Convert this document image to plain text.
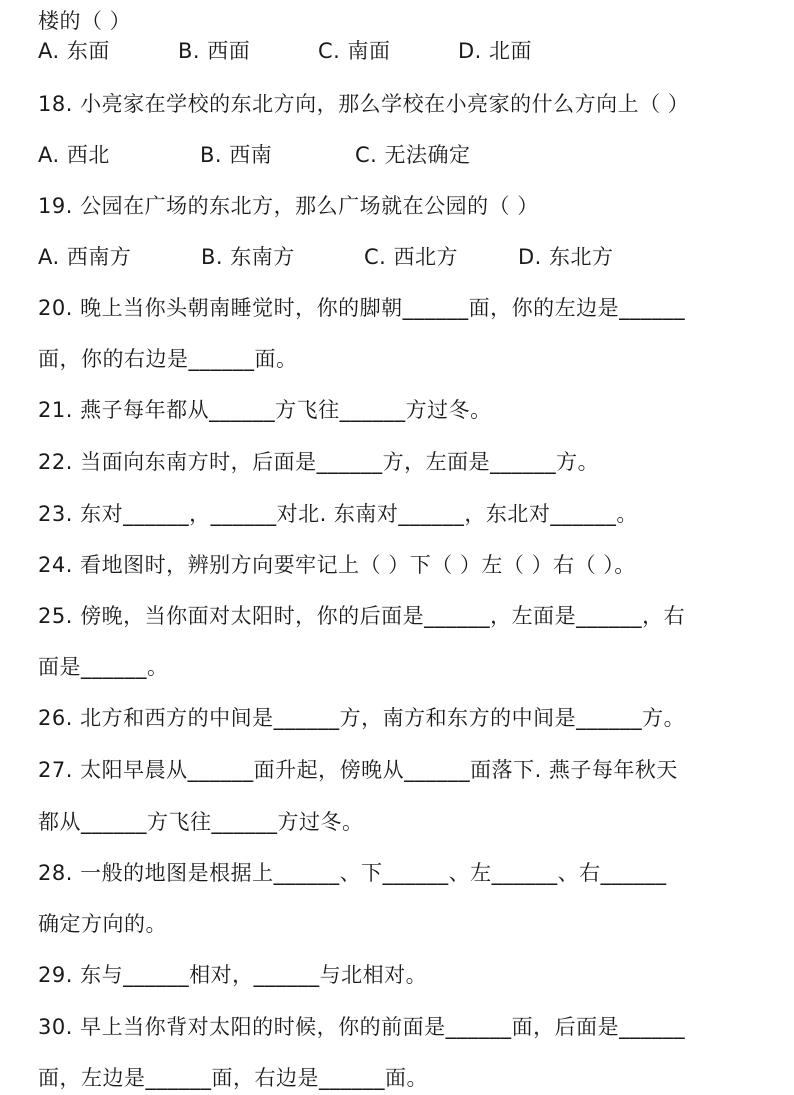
楼的（ ）
A. 东面	B. 西面	C. 南面	D. 北面
18. 小亮家在学校的东北方向，那么学校在小亮家的什么方向上（ ）
A. 西北	B. 西南	C. 无法确定
19. 公园在广场的东北方，那么广场就在公园的（ ）
A. 西南方	B. 东南方	C. 西北方	D. 东北方
20. 晚上当你头朝南睡觉时，你的脚朝______面，你的左边是______
面，你的右边是______面。
21. 燕子每年都从______方飞往______方过冬。
22. 当面向东南方时，后面是______方，左面是______方。
23. 东对______，______对北. 东南对______，东北对______。
24. 看地图时，辨别方向要牢记上（ ）下（ ）左（ ）右（ ）。
25. 傍晚，当你面对太阳时，你的后面是______，左面是______，右
面是______。
26. 北方和西方的中间是______方，南方和东方的中间是______方。
27. 太阳早晨从______面升起，傍晚从______面落下. 燕子每年秋天
都从______方飞往______方过冬。
28. 一般的地图是根据上______、下______、左______、右______
确定方向的。
29. 东与______相对，______与北相对。
30. 早上当你背对太阳的时候，你的前面是______面，后面是______
面，左边是______面，右边是______面。
